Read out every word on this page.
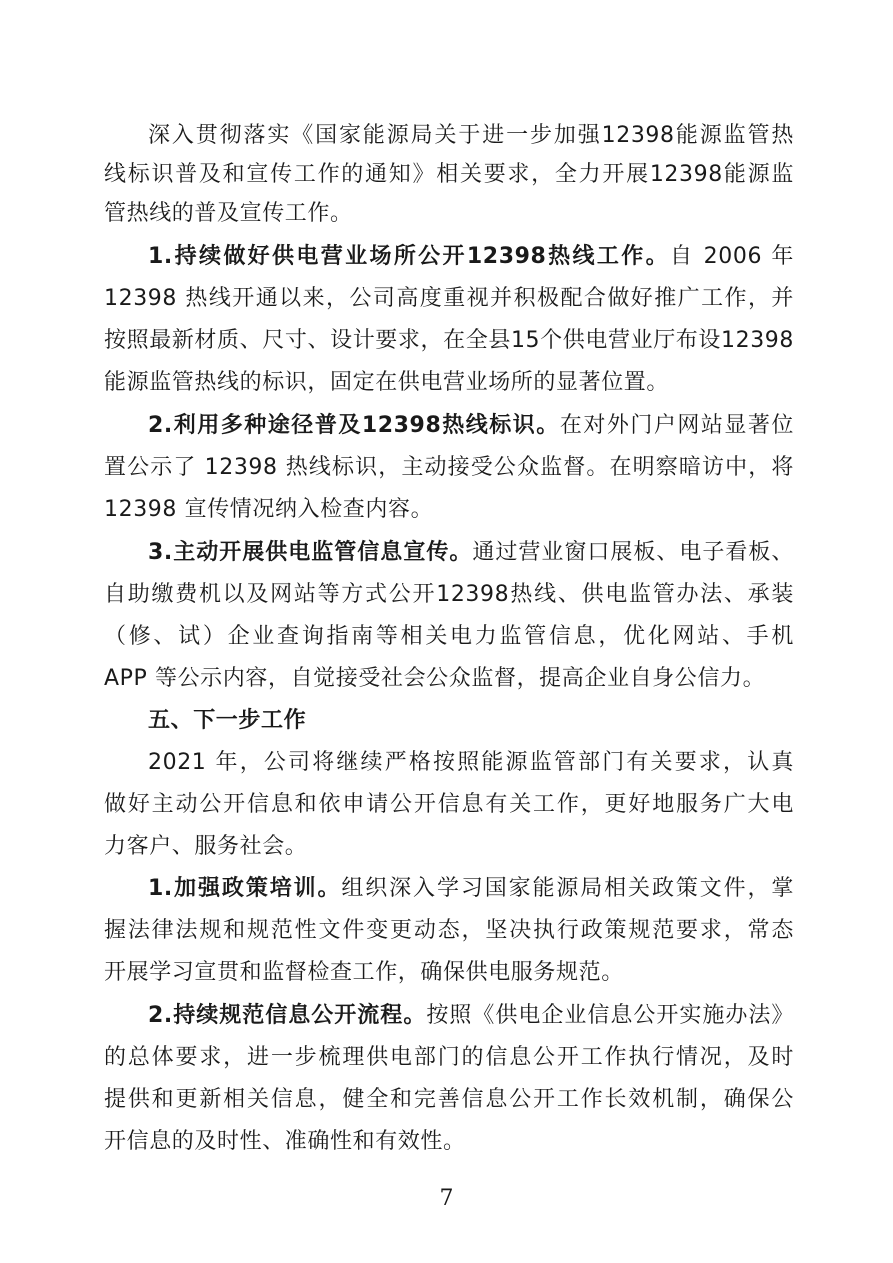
深入贯彻落实《国家能源局关于进一步加强12398能源监管热
线标识普及和宣传工作的通知》相关要求，全力开展12398能源监
管热线的普及宣传工作。
1.持续做好供电营业场所公开12398热线工作。自 2006 年
12398 热线开通以来，公司高度重视并积极配合做好推广工作，并
按照最新材质、尺寸、设计要求，在全县15个供电营业厅布设12398
能源监管热线的标识，固定在供电营业场所的显著位置。
2.利用多种途径普及12398热线标识。在对外门户网站显著位
置公示了 12398 热线标识，主动接受公众监督。在明察暗访中，将
12398 宣传情况纳入检查内容。
3.主动开展供电监管信息宣传。通过营业窗口展板、电子看板、
自助缴费机以及网站等方式公开12398热线、供电监管办法、承装
（修、试）企业查询指南等相关电力监管信息，优化网站、手机
APP 等公示内容，自觉接受社会公众监督，提高企业自身公信力。
五、下一步工作
2021 年，公司将继续严格按照能源监管部门有关要求，认真
做好主动公开信息和依申请公开信息有关工作，更好地服务广大电
力客户、服务社会。
1.加强政策培训。组织深入学习国家能源局相关政策文件，掌
握法律法规和规范性文件变更动态，坚决执行政策规范要求，常态
开展学习宣贯和监督检查工作，确保供电服务规范。
2.持续规范信息公开流程。按照《供电企业信息公开实施办法》
的总体要求，进一步梳理供电部门的信息公开工作执行情况，及时
提供和更新相关信息，健全和完善信息公开工作长效机制，确保公
开信息的及时性、准确性和有效性。
7
